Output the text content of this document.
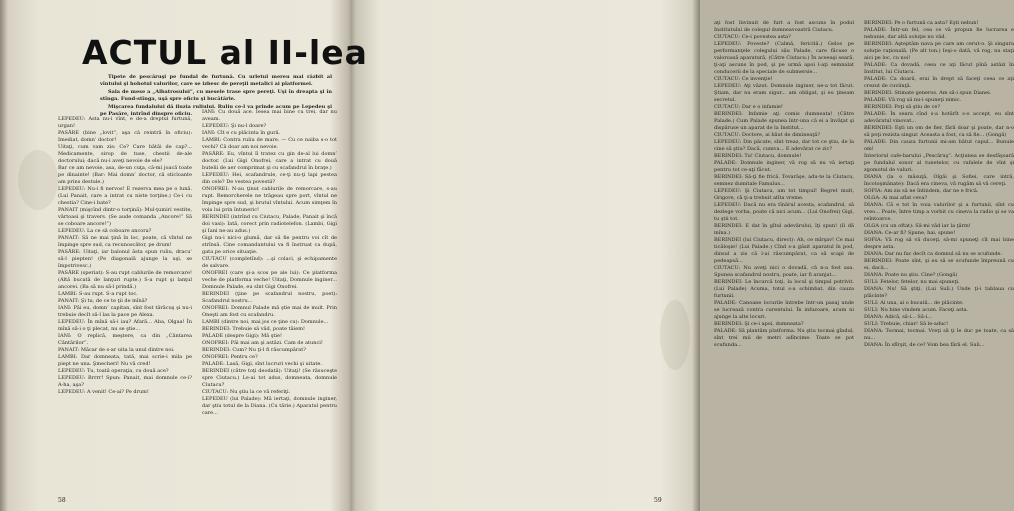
ACTUL al II-lea

Tipete de pescăruşi pe fundal de furtună. Cu urletul mereu mai răzbit al vîntului şi hohotul valurilor, care se izbesc de pereţii metalici ai platformei.

Sala de mese a „Albatrosului”, cu mesele trase spre pereţi. Uşi în dreapta şi în stînga. Fund-stînga, uşă spre oficiu şi bucătărie.

Mişcarea fundalului dă iluzia ruliului. Ruliu ce-l va prinde acum pe Lepedeu şi pe Pasăre, intrînd dinspre oficiu.

LEPEDEU: Asta nu-i vînt, e de-a dreptul furtună, urgan!

PASĂRE (bine „lovit”, aşa că reintră în oficiu): Imediat, domn’ doctor!

Uitaţi, cum vam zis: Ce? Care bătăi de cap?... Medicamente, sirop de tuse, chestii de-ale doctorului; dacă nu-i aveţi nevoie de ele?

Bar ce am nevoie, asa, de-un cuţa, că-mi joacă toate pe dinainte! (Bar: Mai domn’ doctor, că sticloante am prins destule.)

LEPEDEU: Nu-i fi nervos! E rezerva mea pe o lună. (Lui Panait, care a intrat cu niste torţine.) Ce-i cu chestia? Cine-i bate?

PANAIT (mişcînd dintr-o torţină): Mul-ţumiri vestite, vârtoasi şi travers. (Se aude comanda „Ancore!” Să se coboare ancore!”)

LEPEDEU: La ce să coboare ancora?

PANAIT: Să ne mai ţină în loc, poate, că vîntul ne împinge spre sud, ca recunoscător, pe drum!

PASĂRE: Uitaţi, iar balonul ăsta spun ruliu, dracu’ să-l piepten! (Pe diagonală ajunge la uşi, se împotrivesc.)

PASĂRE (speriat): S-au rupt cablurile de remorcare! (Altă bucată de lanţuri rupte.) S-a rupt şi lanţul ancorei. (Ba să nu să-l prindă.)

LAMBI: S-au rupt. S-a rupt toc.

PANAIT: Şi tu, de ce te ţii de mînă?

IANI: Păi eu, domn’ capitan, sînt fost tărăcuş şi nu-i trebuie decît să-l las la pace pe Alexa.

LEPEDEU: În mînă să-i iau? Afară... Aba, Olgaa! În mînă să-i o ţi plecat, nu se ştie...

IANI: O replică, meştere, ca din „Cântarea Cântărilor”.

PANAIT: Măcar de s-ar uita la unul dintre noi.

LAMBI: Dar domneata, tată, mai scrie-i mila pe piept ne una. Şmecheri! Nu vă cred!

LEPEDEU: Tu, toată operaţia, cu două ace?

LEPEDEU: Brrrr! Spun: Panait, mai domnule ce-i? A-ha, aşa?

LEPEDEU: A venit! Ce-ai? Pe drum!

IANI: Cu două ace. Iesea mai bine cu trei, dar nu aveam.

LEPEDEU: Şi nu-l doare?

IANI: Cît e cu plăcinta în gură.

LAMBI: Contra ruliu de mare. — Cu ce naiba s-o tot vechi? Că doar am noi nevoie.

PASĂRE: Eu, vîntul îl tratez cu gin de-al lui domn’ doctor. (Lui Gigi Onofrei, care a intrat cu două butelii de aer comprimat şi cu scafandrul în braţe.)

LEPEDEU: Hei, scafandrule, ce-ţi nu-ţi lapi pestea din cele? De vestea povestii?

ONOFREI: N-au ţinut cablurile de remorcare, s-au rupt. Remorcherele ne trăgeau spre port, vîntul ne împinge spre sud, şi brutul vîntului. Acum simţem în voia lui prin întuneric!

BERINDEI (intrînd cu Ciutacu, Palade, Panait şi încă doi vasi): Iată, corect prin radiotelefon. (Lambi, Gigi şi Iani ne-au adus.)

Gigi nu-i nici-o glumă, dar să fie pentru voi cît de strînsă. Cine comandantului va fi înstruat ca după, gata pe orice situaţie.

CIUTACU (completînd): ...şi colaci, şi echipamente de salvare.

ONOFREI (care şi-a scos pe ale lui): Ce platforma veche de platforma veche! Uitaţi, Domnule inginer... Domnule Palade, eu sînt Gigi Onofrei.

BERINDEI (ţine pe scafandrul nostru, poet): Scafandrul nostru...

ONOFREI: Domnul Palade mă ştie mai de mult. Prin Oneşti am fost cu scafandru.

LAMBI (dintre noi, mai jos ce ţine cu): Domnule...

BERINDEI: Trebuie să văd, poate tăiem!

PALADE (despre Gigi): Mă ştie!

ONOFREI: Păi mai am şi astăzi. Cam de atunci!

BERINDEI: Cum? Nu ţi-l fi răscumpărat?

ONOFREI: Pentru ce?

PALADE: Lasă, Gigi, sînt lucruri vechi şi uitate.

BERINDEI (către toţi deodată): Uitaţi! (Se răsuceşte spre Ciutacu.) Le-ai tot adus, domneata, domnule Ciutacu?

CIUTACU: Nu ştiu la ce vă referiţi.

LEPEDEU (lui Palade): Mă iertaţi, domnule inginer, dar ştiu totul de la Diana. (Cu tărie.) Aparatul pentru care...

58

aţi fost învinuit de furt a fost ascuns în podul Institutului de colegul dumneavoastră Ciutacu.

CIUTACU: Ce-i povestea asta?

LEPEDEU: Poveste? (Calmă, fericită.) Gelos pe performanţele colegului său Palade, care făcuse o valoroasă aparatură, (Către Ciutacu.) În aceeaşi seară, ţi-aţi ascuns în pod, şi pe urmă apoi l-aţi semnalat conducerii de la speciale de submersie...

CIUTACU: Ce invenţie!

LEPEDEU: Aţi văzut. Domnule inginer, ne-a tot făcut. Ştiam, dar nu eram sigur... am obligat, şi eu ţineam secretul.

CIUTACU: Dar e o infamie!

BERINDEI: Infamie aţi comis dumneata! (Către Palade.) Cum Palade spunea într-una că ei a învăţat şi dispăruse un aparat de la Institut...

CIUTACU: Doctore, ai băut de dimineaţă?

LEPEDEU: Din păcate, sînt treaz, dar tot ce ştiu, de la cine să ştiu? Dacă, cumva... E adevărat ce zic?

BERINDEI: Tu! Ciutacu, domnule!

PALADE: Domnule inginer, vă rog să nu vă iertaţi pentru tot ce-aţi făcut.

BERINDEI: Să-ţi fie frică. Tovarăşe, adu-te la Ciutacu, semnez dumitale Famulus...

LEPEDEU: Şi Ciutacu, am tot timpul! Regret mult, Grigore, că ţi-a trebuit atîta vreme.

LEPEDEU: Dacă nu era tînărul acesta, scafandrul, să dezlege vorba, poate că nici acum... (Lui Onofrei) Gigi, tu ştii tot.

BERINDEI: E dat în gîtul adevărului, îţi spun! (Ii dă mîna.)

BERINDEI (lui Ciutacu, direct): Ah, ce mîrşav! Ce mai ticăloşie! (Lui Palade.) Cînd s-a găsit aparatul în pod, dinsul a zis că l-ai răscumpărat, ca să scapi de pedeapsă...

CIUTACU: Nu aveţi nici o dovadă, că n-a fost asa. Spunea scafandrul nostru, poate, iar fi aranjat...

BERINDEI: Le încurcă toţi, la locul şi timpul potrivit. (Lui Palade) Acuma, totul s-a schimbat, din cauza furtunii.

PALADE: Canoane locurile întrebe într-un pasaj unde se lucrează contra curentului. În infuzoare, acum ni ajunge la alte locuri.

BERINDEI: Şi ce-i apoi, dumneata?

PALADE: Să plantăm platforma. Nu ştiu tocmai gîndul, sînt trei mii de metri adîncime. Toate se pot scufunda...

BERINDEI: Pe o furtună ca asta? Eşti nebun!

PALADE: Într-un fel, cea ce vă propun fie lucrarea e nebunie, dar altă soluţie nu văd.

BERINDEI: Aşteptăm nava pe care am cerut-o. Şi singura soluţie raţională. (Pe alt ton.) Ieşi-o dată, vă rog, nu staţi aici pe loc, cu noi!

PALADE: Ca dovadă, ceea ce aţi făcut pînă astăzi în Institut, lui Ciutacu.

PALADE: Ca doară, erai în drept să faceţi ceea ce aţi crezut de cuviinţă.

BERINDEI: Stimate generos. Am să-i spun Dianei.

PALADE: Vă rog să nu-i spuneţi nimic.

BERINDEI: Poţi să ştiu de ce?

PALADE: În seara cînd s-a hotărît s-o accept, eu sînt adevăratul vinovat...

BERINDEI: Eşti un om de fier, fără doar şi poate, dar n-o să poţi rezista singur. Aceasta a fost, ca să fie... (Gongă)

PALADE: Din cauza furtunii mi-am bătut capul... Bunule om!

Interiorul cafe-barului „Pescăruş”. Acţiunea se desfăşoară pe fundalul sonor al tunetelor, cu rafalele de vînt şi zgomotul de valuri.

DIANA (la o măsuţă, Olgăi şi Sofiei, care intră, încotoşmănate): Dacă era cineva, vă rugăm să vă cereţi.

SOFIA: Am zis să ne întindem, dar ne e frică.

OLGA: Ai mai aflat ceva?

DIANA: Că e tot în voia valurilor şi a furtunii, sînt cu vreo... Poate, între timp a vorbit cu cineva la radio şi se va reîntoarce.

OLGA (cu un oftat): Să-mi văd iar la ţărm!

DIANA: Ce-ar fi? Spune, hai, spune!

SOFIA: Vă rog să vă duceţi, să-mi spuneţi cît mai bine despre asta.

DIANA: Dar nu fac decît ca domnul să nu se scufunde.

BERINDEI: Poate sînt, şi eu să se scufunde împreună cu ei, dacă...

DIANA: Poate nu ştiu. Cine? (Gongă)

SULI: Fetelor, fetelor, nu mai spuneţi.

DIANA: Nu! Să ştiţi. (Lui Suli.) Unde ţi-i tablaua cu plăcinte?

SULI: Ai una, ai o bucată... de plăcinte.

SULI: Nu bine vindem acum. Faceţi asta.

DIANA: Adică, să-i... Să-i...

SULI: Trebuie, chiar! Să le-aduc!

DIANA: Tocmai, tocmai. Vreţi să ţi le duc pe toate, ca să nu...

DIANA: În sfîrşit, de ce? Vom bea fără el. Suli...

59
